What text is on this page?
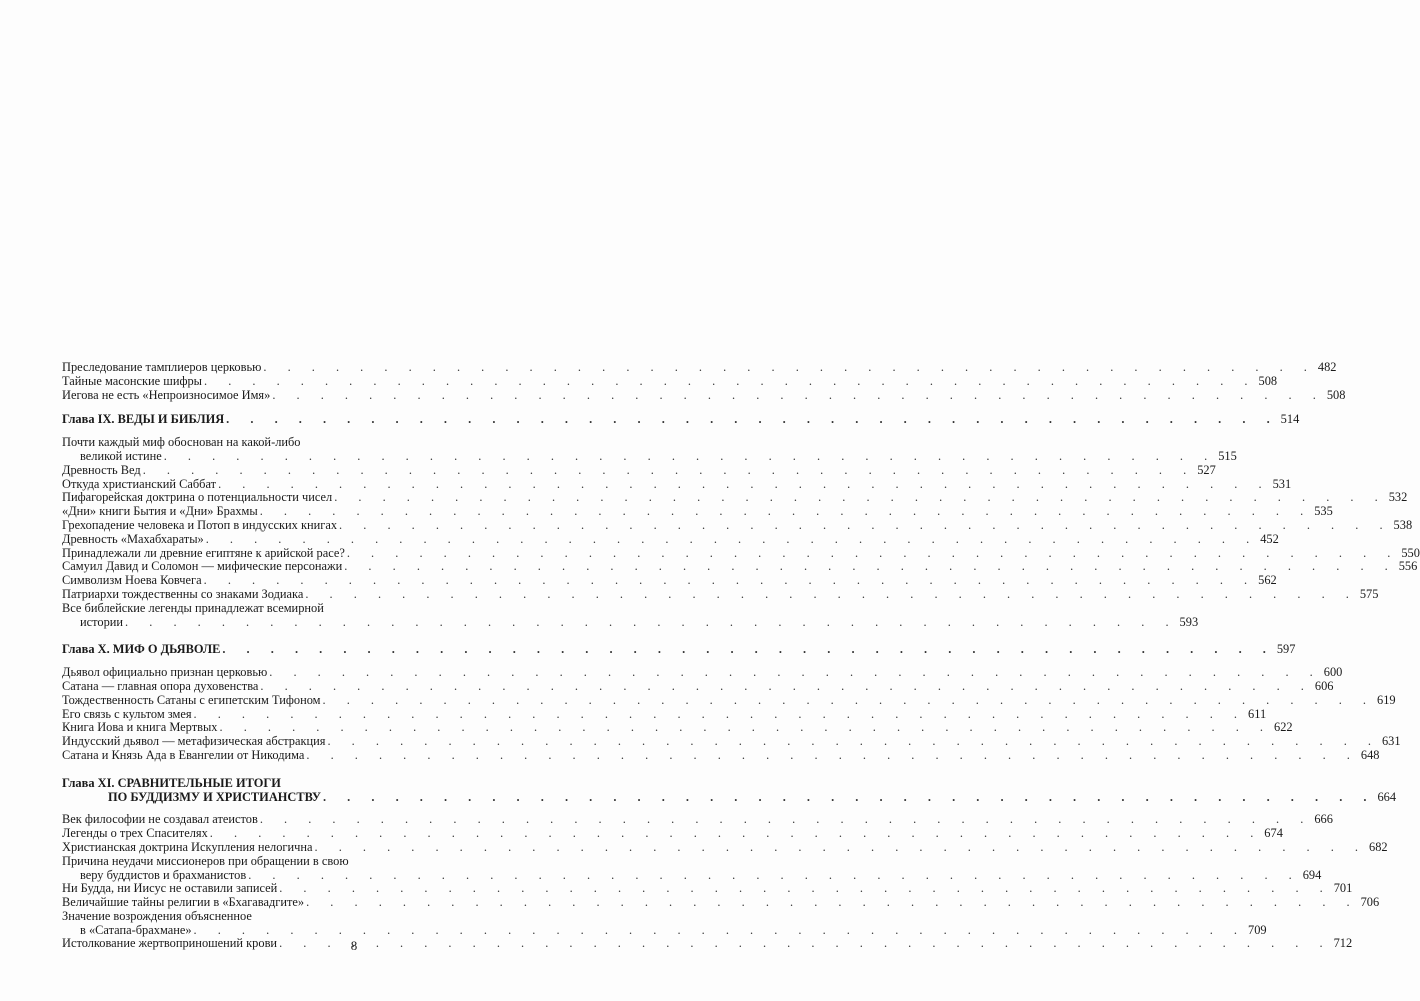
Преследование тамплиеров церковью . . .	482
Тайные масонские шифры . . .	508
Иегова не есть «Непроизносимое Имя» . . .	508
Глава IX. ВЕДЫ И БИБЛИЯ . . .	514
Почти каждый миф обоснован на какой-либо
великой истине . . .	515
Древность Вед . . .	527
Откуда христианский Саббат . . .	531
Пифагорейская доктрина о потенциальности чисел . . .	532
«Дни» книги Бытия и «Дни» Брахмы . . .	535
Грехопадение человека и Потоп в индусских книгах . . .	538
Древность «Махабхараты» . . .	452
Принадлежали ли древние египтяне к арийской расе? . . .	550
Самуил Давид и Соломон — мифические персонажи . . .	556
Символизм Ноева Ковчега . . .	562
Патриархи тождественны со знаками Зодиака . . .	575
Все библейские легенды принадлежат всемирной
истории . . .	593
Глава X. МИФ О ДЬЯВОЛЕ . . .	597
Дьявол официально признан церковью . . .	600
Сатана — главная опора духовенства . . .	606
Тождественность Сатаны с египетским Тифоном . . .	619
Его связь с культом змея . . .	611
Книга Иова и книга Мертвых . . .	622
Индусский дьявол — метафизическая абстракция . . .	631
Сатана и Князь Ада в Евангелии от Никодима . . .	648
Глава XI. СРАВНИТЕЛЬНЫЕ ИТОГИ
ПО БУДДИЗМУ И ХРИСТИАНСТВУ . . .	664
Век философии не создавал атеистов . . .	666
Легенды о трех Спасителях . . .	674
Христианская доктрина Искупления нелогична . . .	682
Причина неудачи миссионеров при обращении в свою
веру буддистов и брахманистов . . .	694
Ни Будда, ни Иисус не оставили записей . . .	701
Величайшие тайны религии в «Бхагавадгите» . . .	706
Значение возрождения объясненное
в «Сатапа-брахмане» . . .	709
Истолкование жертвоприношений крови . . .	712
8
